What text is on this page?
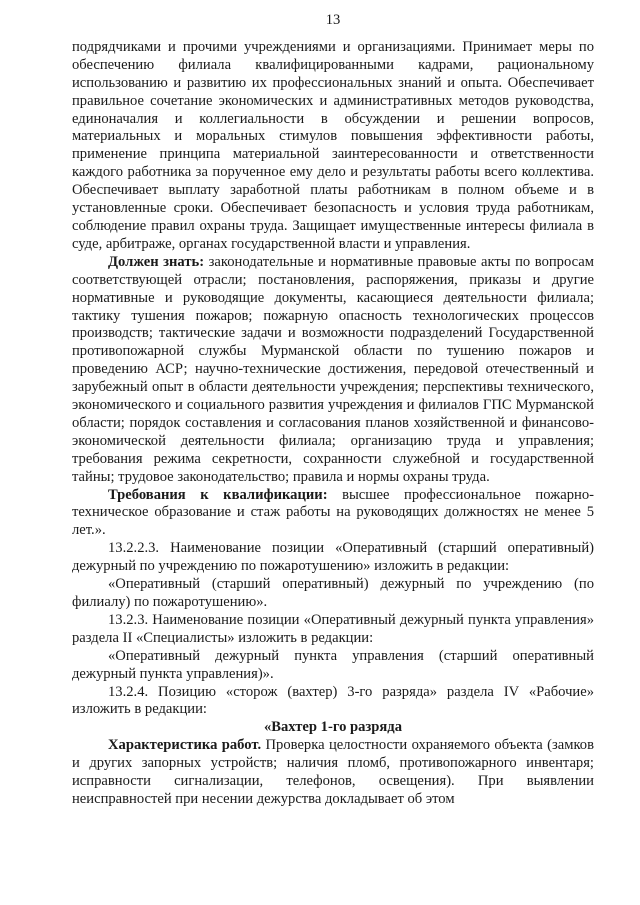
13

подрядчиками и прочими учреждениями и организациями. Принимает меры по обеспечению филиала квалифицированными кадрами, рациональному использованию и развитию их профессиональных знаний и опыта. Обеспечивает правильное сочетание экономических и административных методов руководства, единоначалия и коллегиальности в обсуждении и решении вопросов, материальных и моральных стимулов повышения эффективности работы, применение принципа материальной заинтересованности и ответственности каждого работника за порученное ему дело и результаты работы всего коллектива. Обеспечивает выплату заработной платы работникам в полном объеме и в установленные сроки. Обеспечивает безопасность и условия труда работникам, соблюдение правил охраны труда. Защищает имущественные интересы филиала в суде, арбитраже, органах государственной власти и управления.

Должен знать: законодательные и нормативные правовые акты по вопросам соответствующей отрасли; постановления, распоряжения, приказы и другие нормативные и руководящие документы, касающиеся деятельности филиала; тактику тушения пожаров; пожарную опасность технологических процессов производств; тактические задачи и возможности подразделений Государственной противопожарной службы Мурманской области по тушению пожаров и проведению АСР; научно-технические достижения, передовой отечественный и зарубежный опыт в области деятельности учреждения; перспективы технического, экономического и социального развития учреждения и филиалов ГПС Мурманской области; порядок составления и согласования планов хозяйственной и финансово-экономической деятельности филиала; организацию труда и управления; требования режима секретности, сохранности служебной и государственной тайны; трудовое законодательство; правила и нормы охраны труда.

Требования к квалификации: высшее профессиональное пожарно-техническое образование и стаж работы на руководящих должностях не менее 5 лет.».

13.2.2.3. Наименование позиции «Оперативный (старший оперативный) дежурный по учреждению по пожаротушению» изложить в редакции:

«Оперативный (старший оперативный) дежурный по учреждению (по филиалу) по пожаротушению».

13.2.3. Наименование позиции «Оперативный дежурный пункта управления» раздела II «Специалисты» изложить в редакции:

«Оперативный дежурный пункта управления (старший оперативный дежурный пункта управления)».

13.2.4. Позицию «сторож (вахтер) 3-го разряда» раздела IV «Рабочие» изложить в редакции:

«Вахтер 1-го разряда

Характеристика работ. Проверка целостности охраняемого объекта (замков и других запорных устройств; наличия пломб, противопожарного инвентаря; исправности сигнализации, телефонов, освещения). При выявлении неисправностей при несении дежурства докладывает об этом
